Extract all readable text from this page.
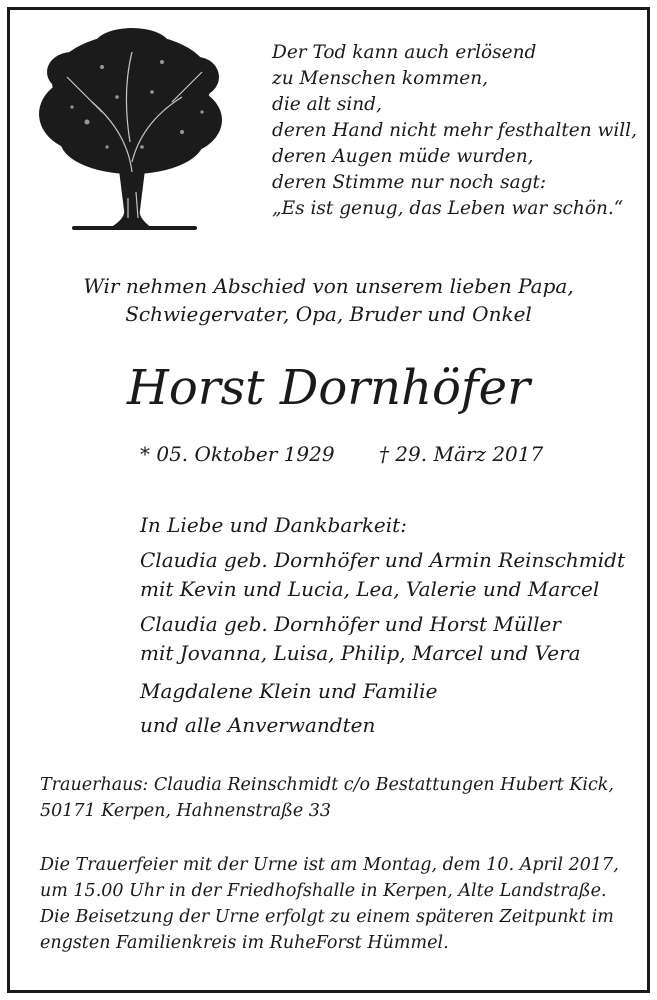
Der Tod kann auch erlösend
zu Menschen kommen,
die alt sind,
deren Hand nicht mehr festhalten will,
deren Augen müde wurden,
deren Stimme nur noch sagt:
„Es ist genug, das Leben war schön.“
Wir nehmen Abschied von unserem lieben Papa,
Schwiegervater, Opa, Bruder und Onkel
Horst Dornhöfer
* 05. Oktober 1929 † 29. März 2017
In Liebe und Dankbarkeit:
Claudia geb. Dornhöfer und Armin Reinschmidt
mit Kevin und Lucia, Lea, Valerie und Marcel
Claudia geb. Dornhöfer und Horst Müller
mit Jovanna, Luisa, Philip, Marcel und Vera
Magdalene Klein und Familie
und alle Anverwandten
Trauerhaus: Claudia Reinschmidt c/o Bestattungen Hubert Kick,
50171 Kerpen, Hahnenstraße 33
Die Trauerfeier mit der Urne ist am Montag, dem 10. April 2017,
um 15.00 Uhr in der Friedhofshalle in Kerpen, Alte Landstraße.
Die Beisetzung der Urne erfolgt zu einem späteren Zeitpunkt im
engsten Familienkreis im RuheForst Hümmel.
